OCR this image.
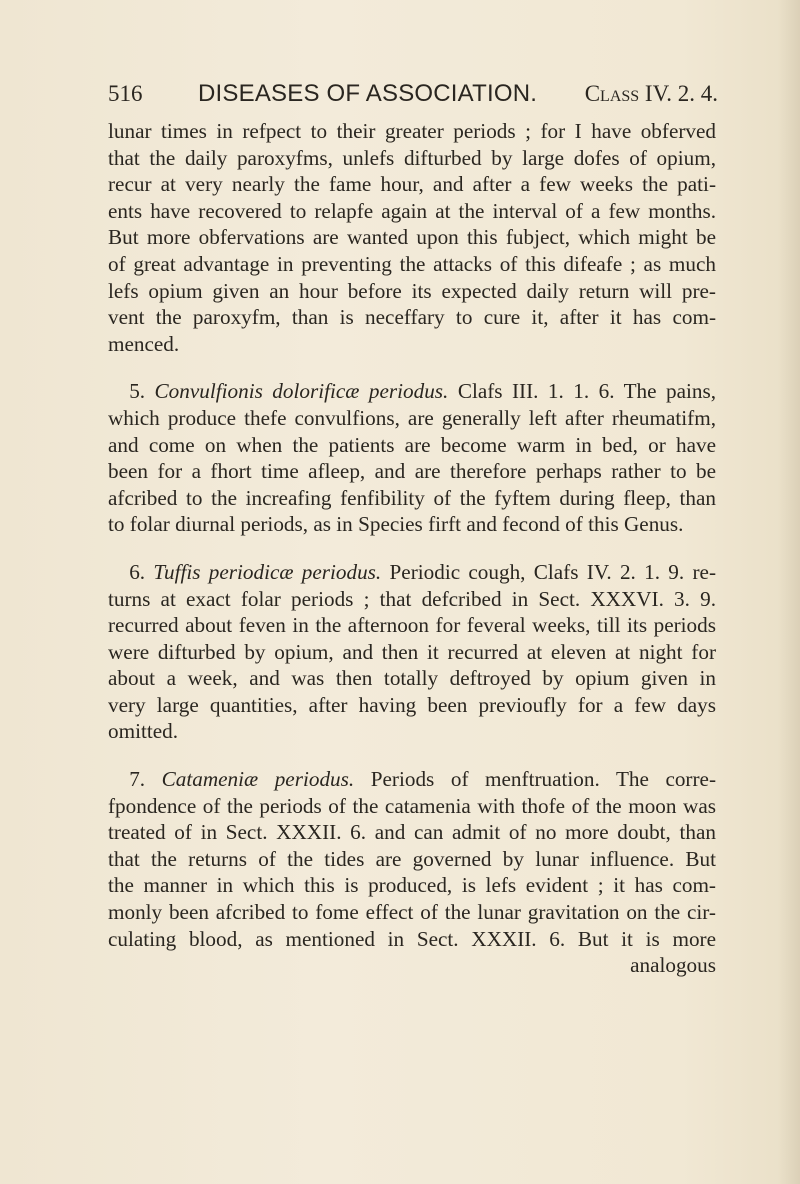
516	DISEASES OF ASSOCIATION. Class IV. 2. 4.

lunar times in refpect to their greater periods ; for I have obferved
that the daily paroxyfms, unlefs difturbed by large dofes of opium,
recur at very nearly the fame hour, and after a few weeks the pati-
ents have recovered to relapfe again at the interval of a few months.
But more obfervations are wanted upon this fubject, which might be
of great advantage in preventing the attacks of this difeafe ; as much
lefs opium given an hour before its expected daily return will pre-
vent the paroxyfm, than is neceffary to cure it, after it has com-
menced.

 5. Convulfionis dolorificæ periodus. Clafs III. 1. 1. 6. The pains,
which produce thefe convulfions, are generally left after rheumatifm,
and come on when the patients are become warm in bed, or have
been for a fhort time afleep, and are therefore perhaps rather to be
afcribed to the increafing fenfibility of the fyftem during fleep, than
to folar diurnal periods, as in Species firft and fecond of this Genus.

 6. Tuffis periodicæ periodus. Periodic cough, Clafs IV. 2. 1. 9. re-
turns at exact folar periods ; that defcribed in Sect. XXXVI. 3. 9.
recurred about feven in the afternoon for feveral weeks, till its periods
were difturbed by opium, and then it recurred at eleven at night for
about a week, and was then totally deftroyed by opium given in
very large quantities, after having been previoufly for a few days
omitted.

 7. Catameniæ periodus. Periods of menftruation. The corre-
fpondence of the periods of the catamenia with thofe of the moon was
treated of in Sect. XXXII. 6. and can admit of no more doubt, than
that the returns of the tides are governed by lunar influence. But
the manner in which this is produced, is lefs evident ; it has com-
monly been afcribed to fome effect of the lunar gravitation on the cir-
culating blood, as mentioned in Sect. XXXII. 6. But it is more
analogous
